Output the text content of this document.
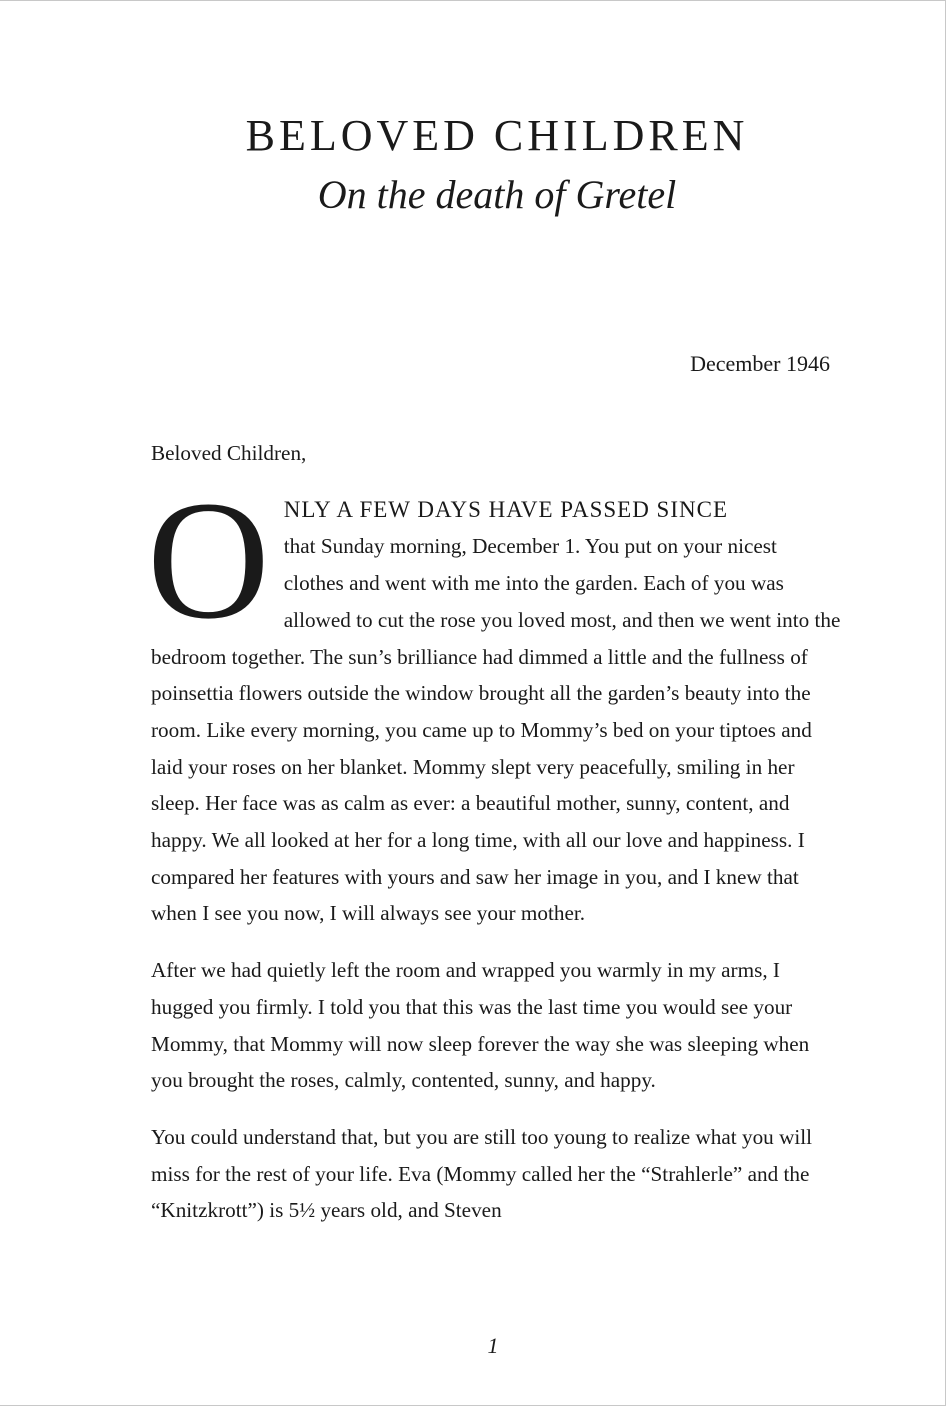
BELOVED CHILDREN
On the death of Gretel

December 1946

Beloved Children,

O NLY A FEW DAYS HAVE PASSED SINCE
that Sunday morning, December 1. You put on your nicest clothes and went with me into the garden. Each of you was allowed to cut the rose you loved most, and then we went into the bedroom together. The sun’s brilliance had dimmed a little and the fullness of poinsettia flowers outside the window brought all the garden’s beauty into the room. Like every morning, you came up to Mommy’s bed on your tiptoes and laid your roses on her blanket. Mommy slept very peacefully, smiling in her sleep. Her face was as calm as ever: a beautiful mother, sunny, content, and happy. We all looked at her for a long time, with all our love and happiness. I compared her features with yours and saw her image in you, and I knew that when I see you now, I will always see your mother.

After we had quietly left the room and wrapped you warmly in my arms, I hugged you firmly. I told you that this was the last time you would see your Mommy, that Mommy will now sleep forever the way she was sleeping when you brought the roses, calmly, contented, sunny, and happy.

You could understand that, but you are still too young to realize what you will miss for the rest of your life. Eva (Mommy called her the “Strahlerle” and the “Knitzkrott”) is 5½ years old, and Steven

1
